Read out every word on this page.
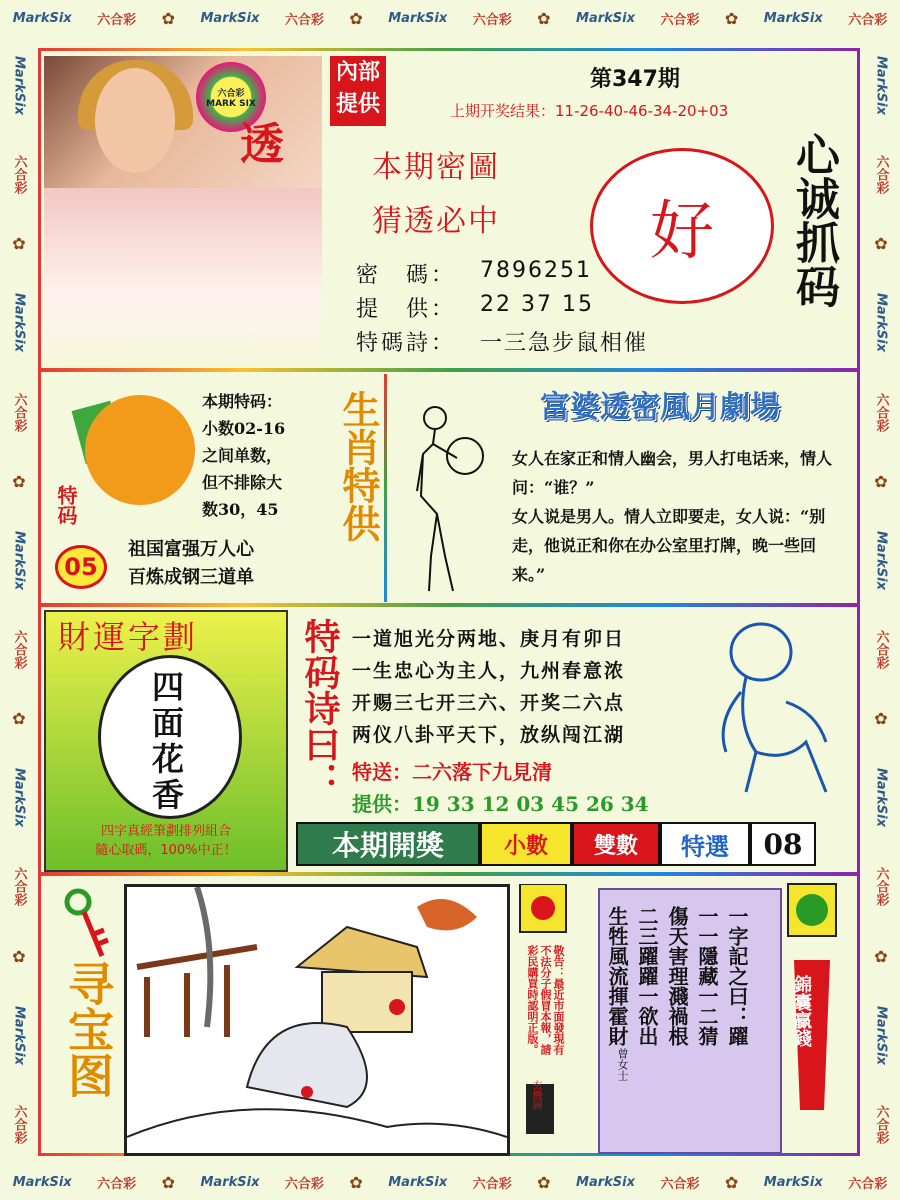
MarkSix 六合彩 ✿ MarkSix 六合彩 ✿ MarkSix 六合彩 ✿ MarkSix 六合彩 ✿ MarkSix 六合彩
MarkSix 六合彩 ✿ MarkSix 六合彩 ✿ MarkSix 六合彩 ✿ MarkSix 六合彩 ✿ MarkSix 六合彩
MarkSix
六合彩
✿
MarkSix
六合彩
✿
MarkSix
六合彩
✿
MarkSix
六合彩
✿
MarkSix
六合彩
MarkSix
六合彩
✿
MarkSix
六合彩
✿
MarkSix
六合彩
✿
MarkSix
六合彩
✿
MarkSix
六合彩
六合彩
MARK SIX
透
內部
提供
第347期
上期开奖结果：11-26-40-46-34-20+03
本期密圖
猜透必中	好	心诚抓码
密　碼： 7896251
提　供： 22 37 15
特碼詩： 一三急步鼠相催
特码
05
本期特码：
小数02-16
之间单数，
但不排除大
数30，45
祖国富强万人心
百炼成钢三道单
生肖特供	富婆透密風月劇場

女人在家正和情人幽会，男人打电话来，情人问：“谁？”

女人说是男人。情人立即要走，女人说：“别走，他说正和你在办公室里打牌，晚一些回来。”

財運字劃
四
面
花
香
四字真經筆劃排列組合
隨心取碼，100%中正！
特码诗曰： 一道旭光分两地、庚月有卯日
一生忠心为主人，九州春意浓
开赐三七开三六、开奖二六点
两仪八卦平天下，放纵闯江湖
特送：二六落下九見清
提供：19 33 12 03 45 26 34
本期開獎	小數	雙數	特選	08
寻宝图	敬告：最近市面發現有不法分子假冒本報，請彩民購買時認明正版。
玄機圖
一字記之曰：躍
一一隱藏一二猜
傷天害理濺禍根
二三躍躍一欲出
生牲風流揮霍財
曾女士
錦囊贏錢
